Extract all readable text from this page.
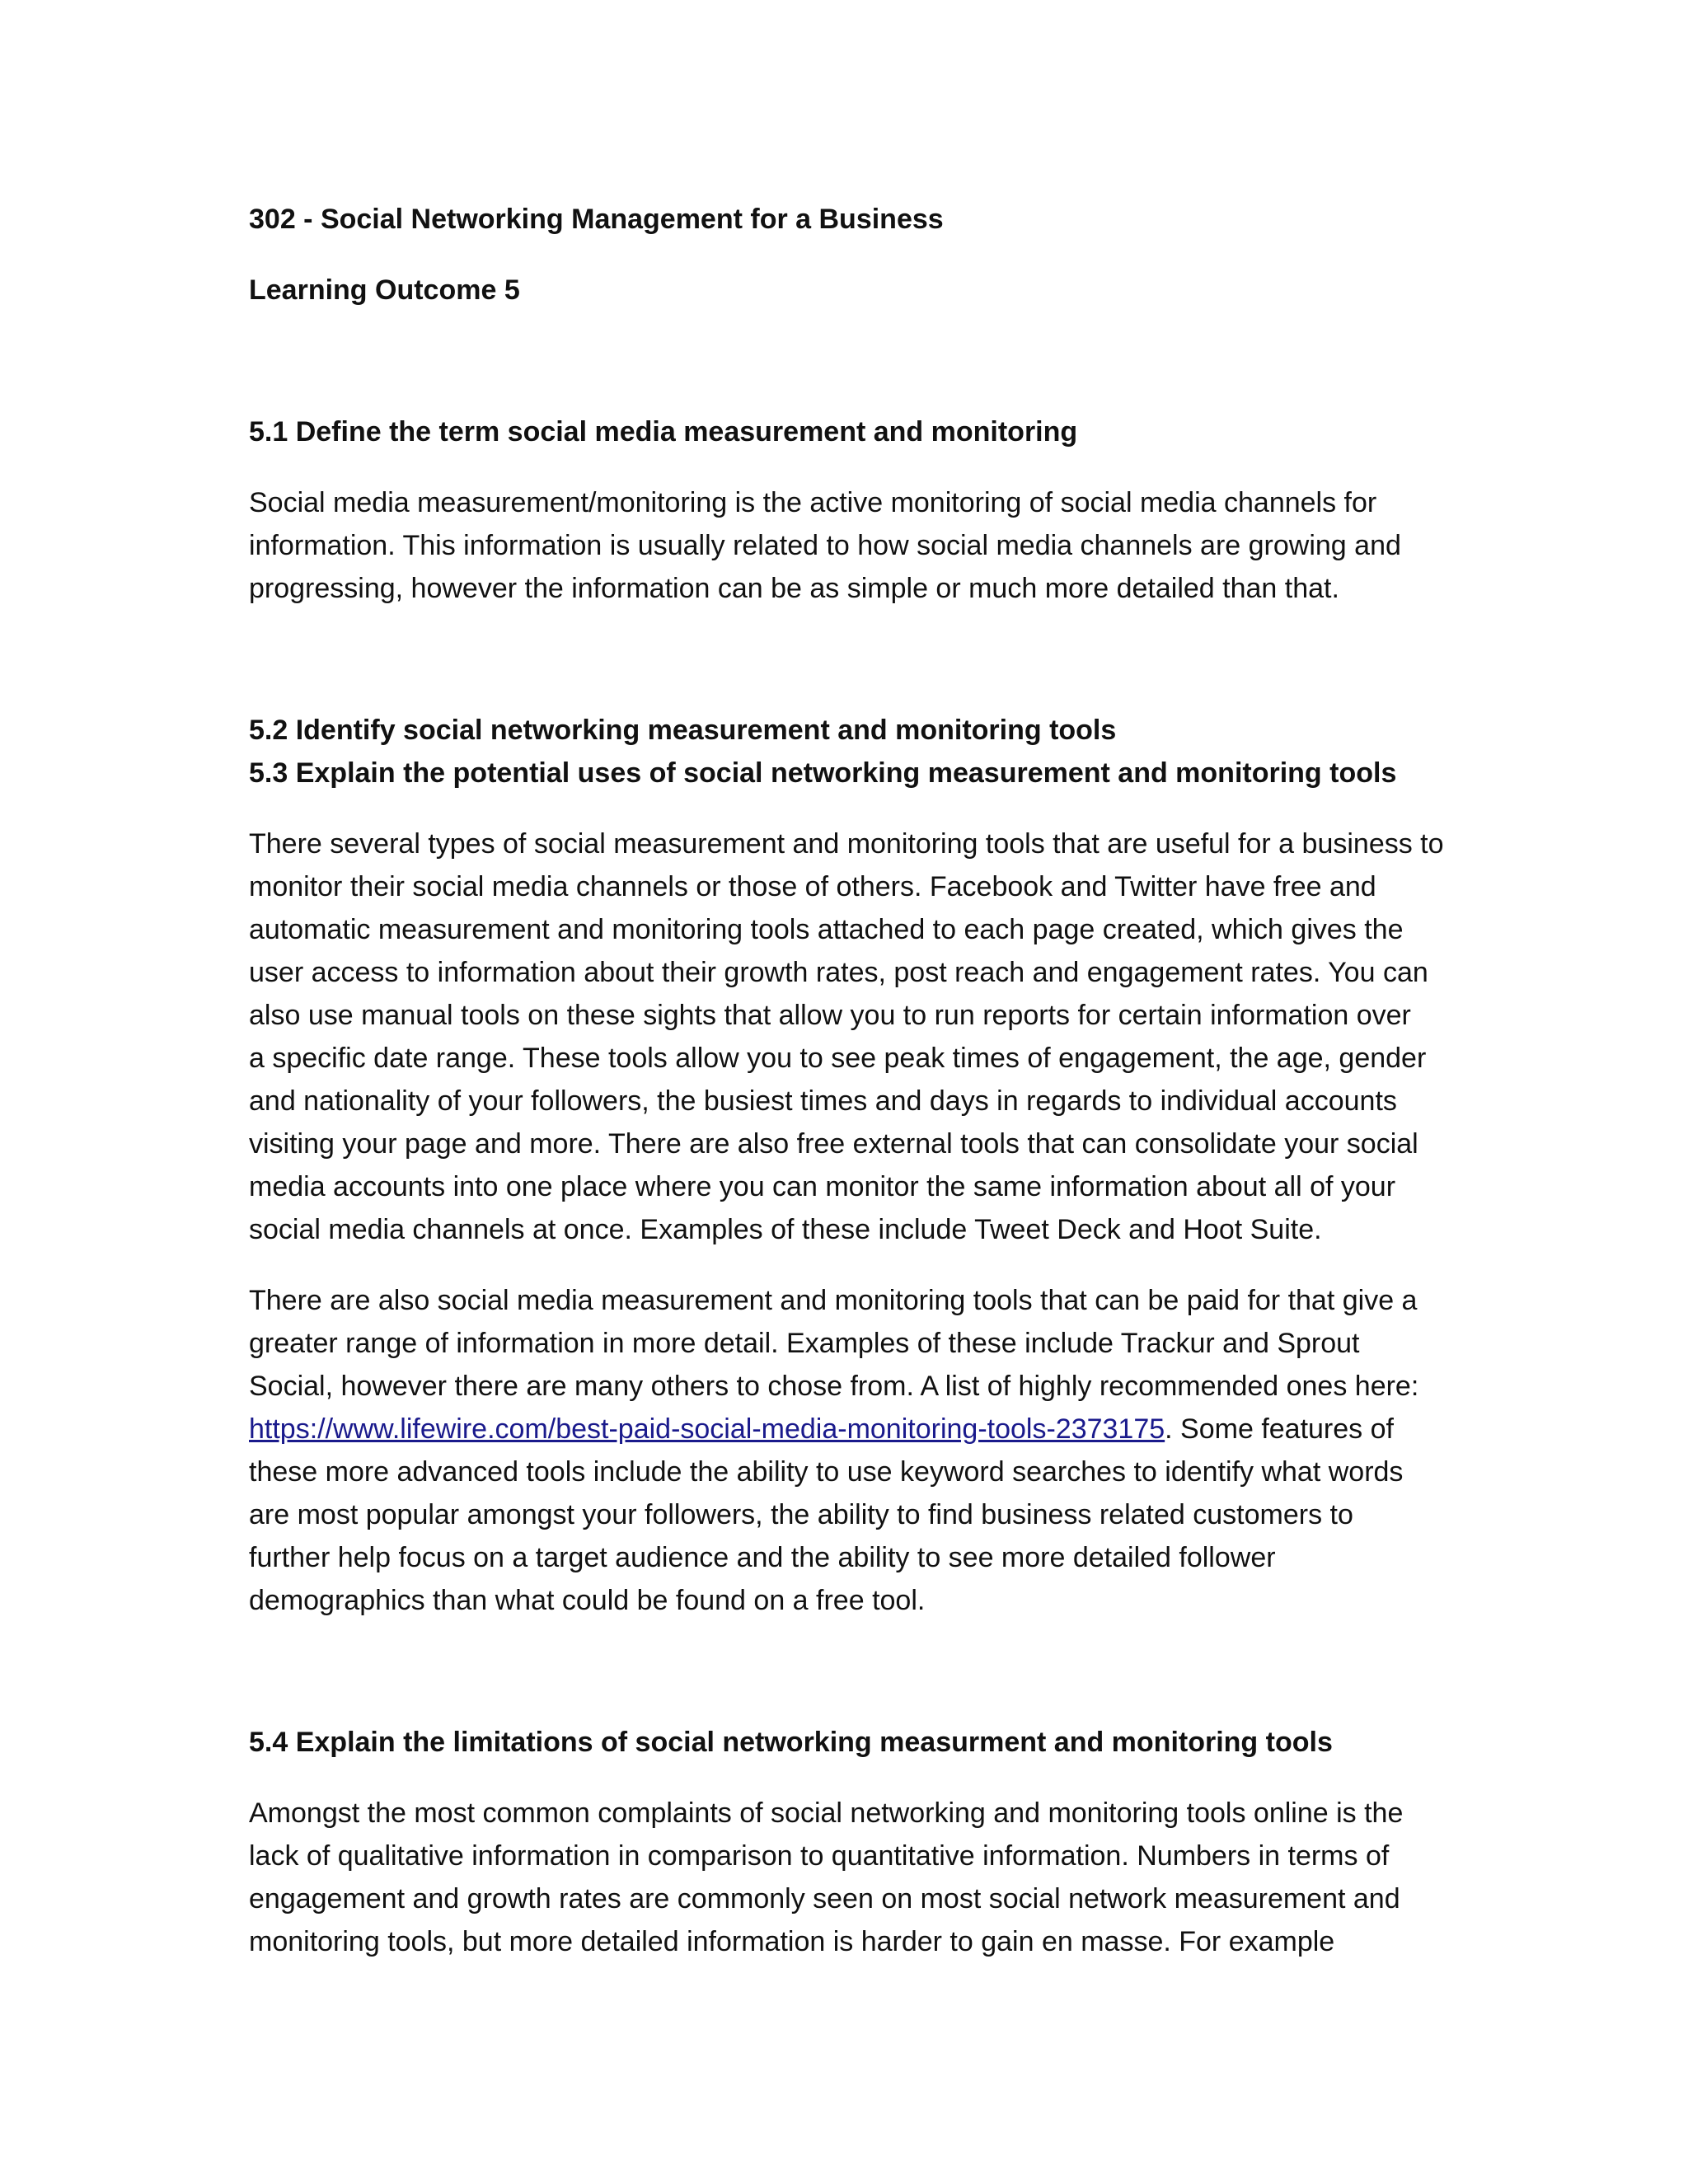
302 - Social Networking Management for a Business

Learning Outcome 5

5.1 Define the term social media measurement and monitoring

Social media measurement/monitoring is the active monitoring of social media channels for
information. This information is usually related to how social media channels are growing and
progressing, however the information can be as simple or much more detailed than that.

5.2 Identify social networking measurement and monitoring tools

5.3 Explain the potential uses of social networking measurement and monitoring tools

There several types of social measurement and monitoring tools that are useful for a business to
monitor their social media channels or those of others. Facebook and Twitter have free and
automatic measurement and monitoring tools attached to each page created, which gives the
user access to information about their growth rates, post reach and engagement rates. You can
also use manual tools on these sights that allow you to run reports for certain information over
a specific date range. These tools allow you to see peak times of engagement, the age, gender
and nationality of your followers, the busiest times and days in regards to individual accounts
visiting your page and more. There are also free external tools that can consolidate your social
media accounts into one place where you can monitor the same information about all of your
social media channels at once. Examples of these include Tweet Deck and Hoot Suite.

There are also social media measurement and monitoring tools that can be paid for that give a
greater range of information in more detail. Examples of these include Trackur and Sprout
Social, however there are many others to chose from. A list of highly recommended ones here:
https://www.lifewire.com/best-paid-social-media-monitoring-tools-2373175. Some features of
these more advanced tools include the ability to use keyword searches to identify what words
are most popular amongst your followers, the ability to find business related customers to
further help focus on a target audience and the ability to see more detailed follower
demographics than what could be found on a free tool.

5.4 Explain the limitations of social networking measurment and monitoring tools

Amongst the most common complaints of social networking and monitoring tools online is the
lack of qualitative information in comparison to quantitative information. Numbers in terms of
engagement and growth rates are commonly seen on most social network measurement and
monitoring tools, but more detailed information is harder to gain en masse. For example
